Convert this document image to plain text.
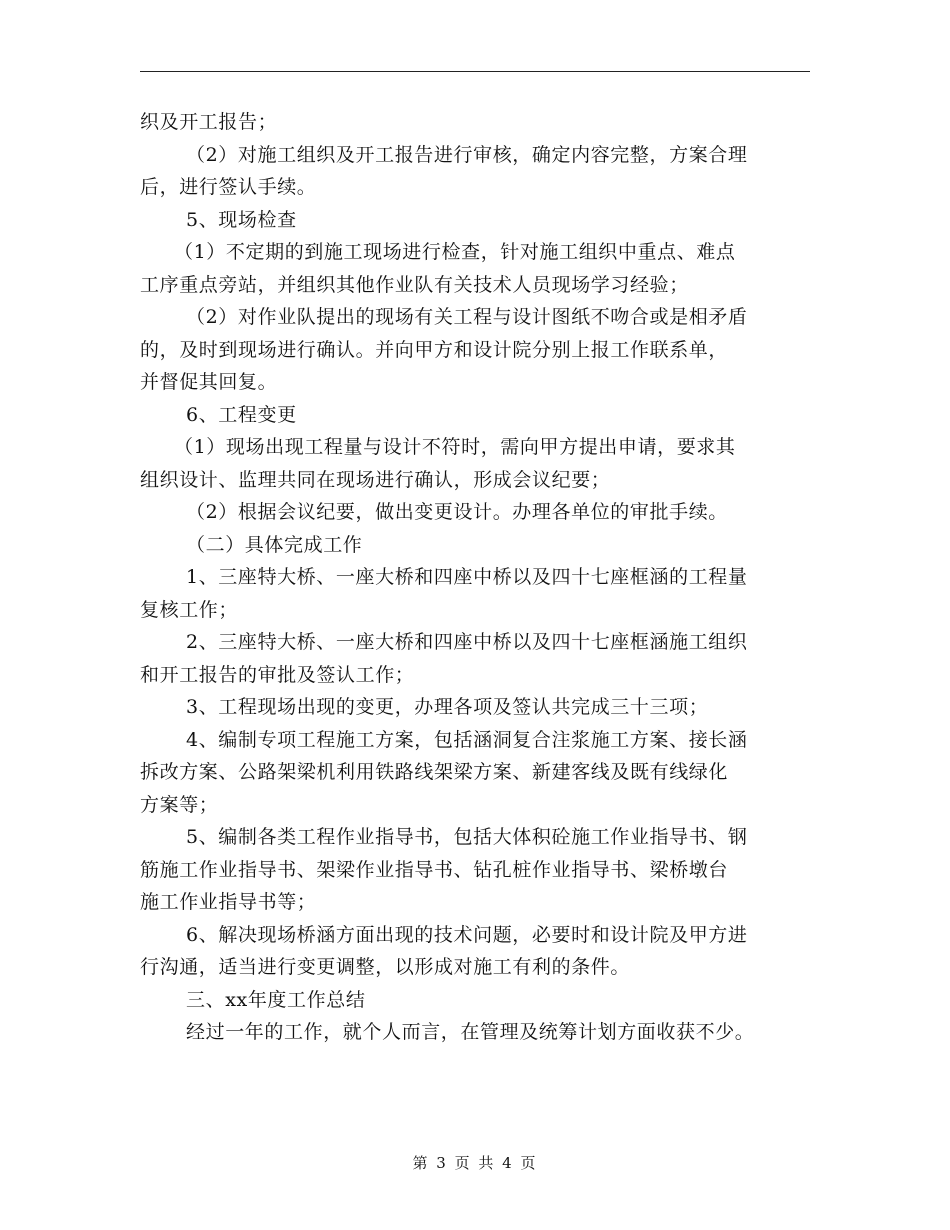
织及开工报告；
（2）对施工组织及开工报告进行审核，确定内容完整，方案合理
后，进行签认手续。
5、现场检查
（1）不定期的到施工现场进行检查，针对施工组织中重点、难点
工序重点旁站，并组织其他作业队有关技术人员现场学习经验；
（2）对作业队提出的现场有关工程与设计图纸不吻合或是相矛盾
的，及时到现场进行确认。并向甲方和设计院分别上报工作联系单，
并督促其回复。
6、工程变更
（1）现场出现工程量与设计不符时，需向甲方提出申请，要求其
组织设计、监理共同在现场进行确认，形成会议纪要；
（2）根据会议纪要，做出变更设计。办理各单位的审批手续。
（二）具体完成工作
1、三座特大桥、一座大桥和四座中桥以及四十七座框涵的工程量
复核工作；
2、三座特大桥、一座大桥和四座中桥以及四十七座框涵施工组织
和开工报告的审批及签认工作；
3、工程现场出现的变更，办理各项及签认共完成三十三项；
4、编制专项工程施工方案，包括涵洞复合注浆施工方案、接长涵
拆改方案、公路架梁机利用铁路线架梁方案、新建客线及既有线绿化
方案等；
5、编制各类工程作业指导书，包括大体积砼施工作业指导书、钢
筋施工作业指导书、架梁作业指导书、钻孔桩作业指导书、梁桥墩台
施工作业指导书等；
6、解决现场桥涵方面出现的技术问题，必要时和设计院及甲方进
行沟通，适当进行变更调整，以形成对施工有利的条件。
三、xx年度工作总结
经过一年的工作，就个人而言，在管理及统筹计划方面收获不少。
第 3 页 共 4 页
